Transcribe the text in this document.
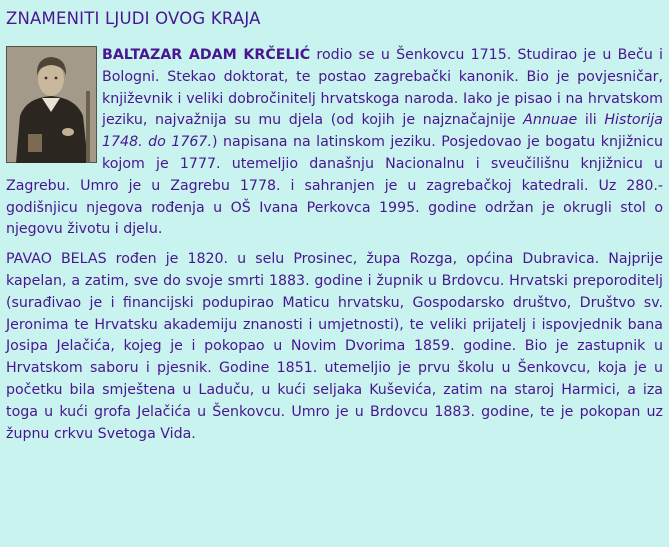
ZNAMENITI LJUDI OVOG KRAJA

BALTAZAR ADAM KRČELIĆ rodio se u Šenkovcu 1715. Studirao je u Beču i Bologni. Stekao doktorat, te postao zagrebački kanonik. Bio je povjesničar, književnik i veliki dobročinitelj hrvatskoga naroda. Iako je pisao i na hrvatskom jeziku, najvažnija su mu djela (od kojih je najznačajnije Annuae ili Historija 1748. do 1767.) napisana na latinskom jeziku. Posjedovao je bogatu knjižnicu kojom je 1777. utemeljio današnju Nacionalnu i sveučilišnu knjižnicu u Zagrebu. Umro je u Zagrebu 1778. i sahranjen je u zagrebačkoj katedrali. Uz 280.-godišnjicu njegova rođenja u OŠ Ivana Perkovca 1995. godine održan je okrugli stol o njegovu životu i djelu.

PAVAO BELAS rođen je 1820. u selu Prosinec, župa Rozga, općina Dubravica. Najprije kapelan, a zatim, sve do svoje smrti 1883. godine i župnik u Brdovcu. Hrvatski preporoditelj (surađivao je i financijski podupirao Maticu hrvatsku, Gospodarsko društvo, Društvo sv. Jeronima te Hrvatsku akademiju znanosti i umjetnosti), te veliki prijatelj i ispovjednik bana Josipa Jelačića, kojeg je i pokopao u Novim Dvorima 1859. godine. Bio je zastupnik u Hrvatskom saboru i pjesnik. Godine 1851. utemeljio je prvu školu u Šenkovcu, koja je u početku bila smještena u Laduču, u kući seljaka Kuševića, zatim na staroj Harmici, a iza toga u kući grofa Jelačića u Šenkovcu. Umro je u Brdovcu 1883. godine, te je pokopan uz župnu crkvu Svetoga Vida.
